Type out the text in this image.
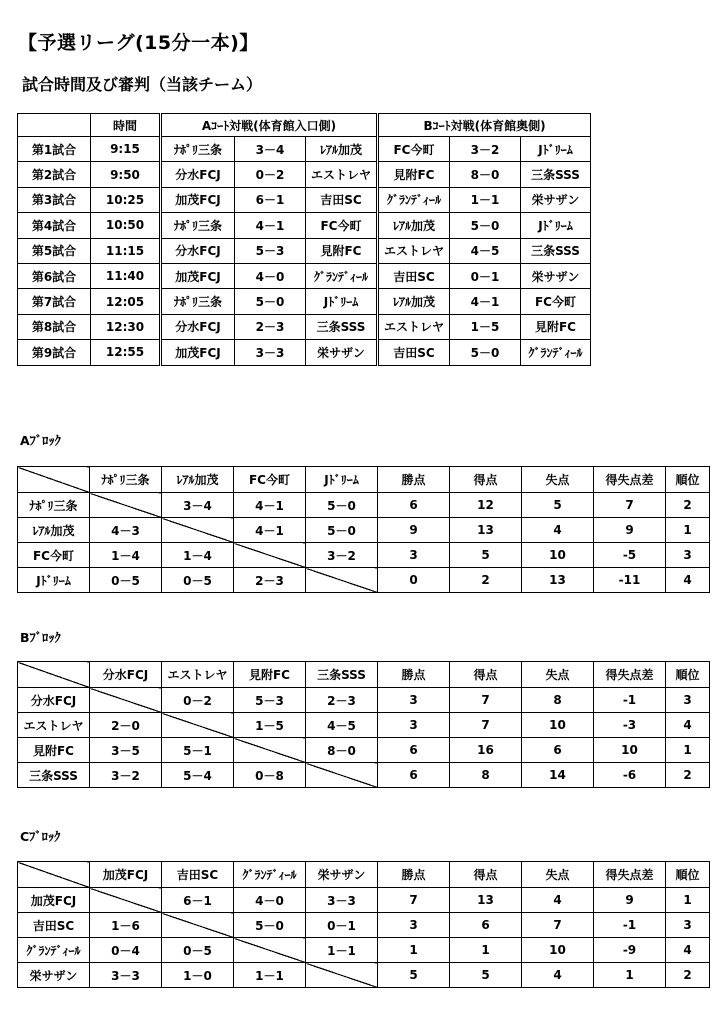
【予選リーグ(15分一本)】
試合時間及び審判（当該チーム）
	時間	Aｺｰﾄ対戦(体育館入口側)			Bｺｰﾄ対戦(体育館奥側)		
第1試合	9:15	ﾅﾎﾟﾘ三条	3－4	ﾚｱﾙ加茂	FC今町	3－2	Jﾄﾞﾘｰﾑ
第2試合	9:50	分水FCJ	0－2	エストレヤ	見附FC	8－0	三条SSS
第3試合	10:25	加茂FCJ	6－1	吉田SC	ｸﾞﾗﾝﾃﾞｨｰﾙ	1－1	栄サザン
第4試合	10:50	ﾅﾎﾟﾘ三条	4－1	FC今町	ﾚｱﾙ加茂	5－0	Jﾄﾞﾘｰﾑ
第5試合	11:15	分水FCJ	5－3	見附FC	エストレヤ	4－5	三条SSS
第6試合	11:40	加茂FCJ	4－0	ｸﾞﾗﾝﾃﾞｨｰﾙ	吉田SC	0－1	栄サザン
第7試合	12:05	ﾅﾎﾟﾘ三条	5－0	Jﾄﾞﾘｰﾑ	ﾚｱﾙ加茂	4－1	FC今町
第8試合	12:30	分水FCJ	2－3	三条SSS	エストレヤ	1－5	見附FC
第9試合	12:55	加茂FCJ	3－3	栄サザン	吉田SC	5－0	ｸﾞﾗﾝﾃﾞｨｰﾙ
Aﾌﾞﾛｯｸ
	ﾅﾎﾟﾘ三条	ﾚｱﾙ加茂	FC今町	Jﾄﾞﾘｰﾑ	勝点	得点	失点	得失点差	順位
ﾅﾎﾟﾘ三条		3－4	4－1	5－0	6	12	5	7	2
ﾚｱﾙ加茂	4－3		4－1	5－0	9	13	4	9	1
FC今町	1－4	1－4		3－2	3	5	10	-5	3
Jﾄﾞﾘｰﾑ	0－5	0－5	2－3		0	2	13	-11	4
Bﾌﾞﾛｯｸ
	分水FCJ	エストレヤ	見附FC	三条SSS	勝点	得点	失点	得失点差	順位
分水FCJ		0－2	5－3	2－3	3	7	8	-1	3
エストレヤ	2－0		1－5	4－5	3	7	10	-3	4
見附FC	3－5	5－1		8－0	6	16	6	10	1
三条SSS	3－2	5－4	0－8		6	8	14	-6	2
Cﾌﾞﾛｯｸ
	加茂FCJ	吉田SC	ｸﾞﾗﾝﾃﾞｨｰﾙ	栄サザン	勝点	得点	失点	得失点差	順位
加茂FCJ		6－1	4－0	3－3	7	13	4	9	1
吉田SC	1－6		5－0	0－1	3	6	7	-1	3
ｸﾞﾗﾝﾃﾞｨｰﾙ	0－4	0－5		1－1	1	1	10	-9	4
栄サザン	3－3	1－0	1－1		5	5	4	1	2
